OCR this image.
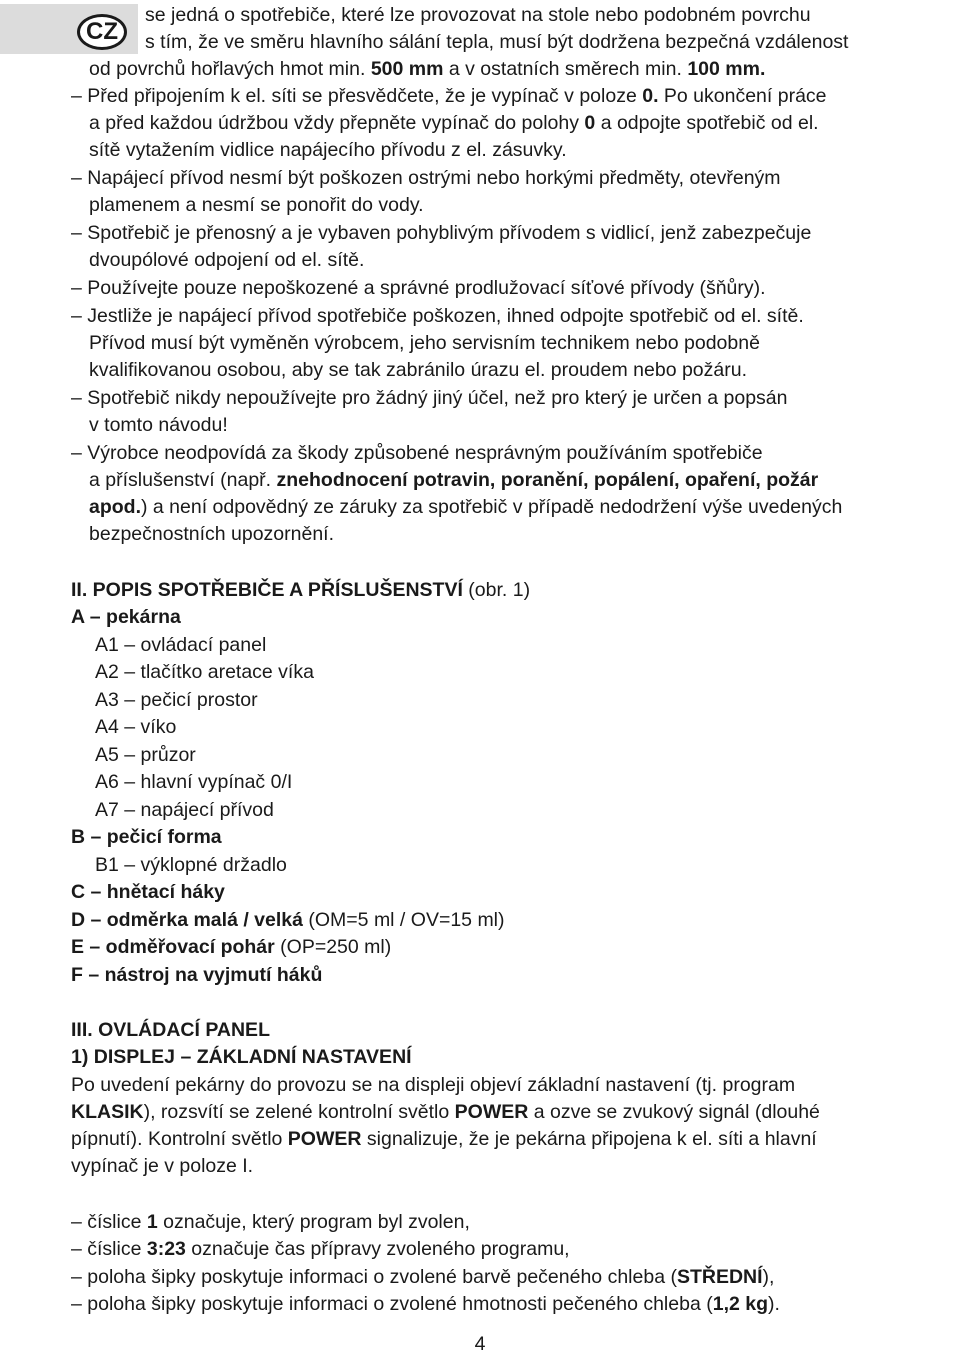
CZ
se jedná o spotřebiče, které lze provozovat na stole nebo podobném povrchu
s tím, že ve směru hlavního sálání tepla, musí být dodržena bezpečná vzdálenost
od povrchů hořlavých hmot min. 500 mm a v ostatních směrech min. 100 mm.
– Před připojením k el. síti se přesvědčete, že je vypínač v poloze 0. Po ukončení práce
a před každou údržbou vždy přepněte vypínač do polohy 0 a odpojte spotřebič od el.
sítě vytažením vidlice napájecího přívodu z el. zásuvky.
– Napájecí přívod nesmí být poškozen ostrými nebo horkými předměty, otevřeným
plamenem a nesmí se ponořit do vody.
– Spotřebič je přenosný a je vybaven pohyblivým přívodem s vidlicí, jenž zabezpečuje
dvoupólové odpojení od el. sítě.
– Používejte pouze nepoškozené a správné prodlužovací síťové přívody (šňůry).
– Jestliže je napájecí přívod spotřebiče poškozen, ihned odpojte spotřebič od el. sítě.
Přívod musí být vyměněn výrobcem, jeho servisním technikem nebo podobně
kvalifikovanou osobou, aby se tak zabránilo úrazu el. proudem nebo požáru.
– Spotřebič nikdy nepoužívejte pro žádný jiný účel, než pro který je určen a popsán
v tomto návodu!
– Výrobce neodpovídá za škody způsobené nesprávným používáním spotřebiče
a příslušenství (např. znehodnocení potravin, poranění, popálení, opaření, požár
apod.) a není odpovědný ze záruky za spotřebič v případě nedodržení výše uvedených
bezpečnostních upozornění.
II. POPIS SPOTŘEBIČE A PŘÍSLUŠENSTVÍ (obr. 1)
A – pekárna
A1 – ovládací panel
A2 – tlačítko aretace víka
A3 – pečicí prostor
A4 – víko
A5 – průzor
A6 – hlavní vypínač 0/I
A7 – napájecí přívod
B – pečicí forma
B1 – výklopné držadlo
C – hnětací háky
D – odměrka malá / velká (OM=5 ml / OV=15 ml)
E – odměřovací pohár (OP=250 ml)
F – nástroj na vyjmutí háků
III. OVLÁDACÍ PANEL
1) DISPLEJ – ZÁKLADNÍ NASTAVENÍ
Po uvedení pekárny do provozu se na displeji objeví základní nastavení (tj. program
KLASIK), rozsvítí se zelené kontrolní světlo POWER a ozve se zvukový signál (dlouhé
pípnutí). Kontrolní světlo POWER signalizuje, že je pekárna připojena k el. síti a hlavní
vypínač je v poloze I.
– číslice 1 označuje, který program byl zvolen,
– číslice 3:23 označuje čas přípravy zvoleného programu,
– poloha šipky poskytuje informaci o zvolené barvě pečeného chleba (STŘEDNÍ),
– poloha šipky poskytuje informaci o zvolené hmotnosti pečeného chleba (1,2 kg).
4
